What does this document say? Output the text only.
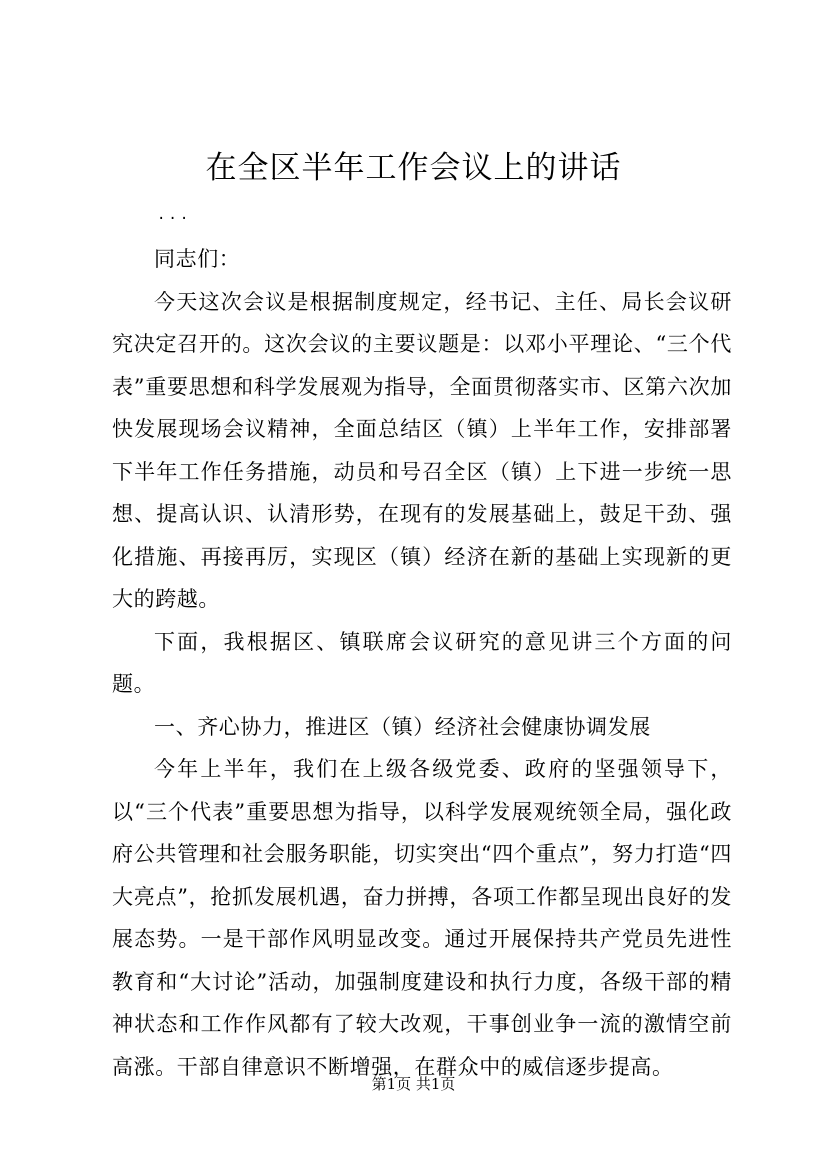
在全区半年工作会议上的讲话
...

同志们：

今天这次会议是根据制度规定，经书记、主任、局长会议研究决定召开的。这次会议的主要议题是：以邓小平理论、“三个代表”重要思想和科学发展观为指导，全面贯彻落实市、区第六次加快发展现场会议精神，全面总结区（镇）上半年工作，安排部署下半年工作任务措施，动员和号召全区（镇）上下进一步统一思想、提高认识、认清形势，在现有的发展基础上，鼓足干劲、强化措施、再接再厉，实现区（镇）经济在新的基础上实现新的更大的跨越。

下面，我根据区、镇联席会议研究的意见讲三个方面的问题。

一、齐心协力，推进区（镇）经济社会健康协调发展

今年上半年，我们在上级各级党委、政府的坚强领导下，以“三个代表”重要思想为指导，以科学发展观统领全局，强化政府公共管理和社会服务职能，切实突出“四个重点”，努力打造“四大亮点”，抢抓发展机遇，奋力拼搏，各项工作都呈现出良好的发展态势。一是干部作风明显改变。通过开展保持共产党员先进性教育和“大讨论”活动，加强制度建设和执行力度，各级干部的精神状态和工作作风都有了较大改观，干事创业争一流的激情空前高涨。干部自律意识不断增强，在群众中的威信逐步提高。

第1页 共1页
